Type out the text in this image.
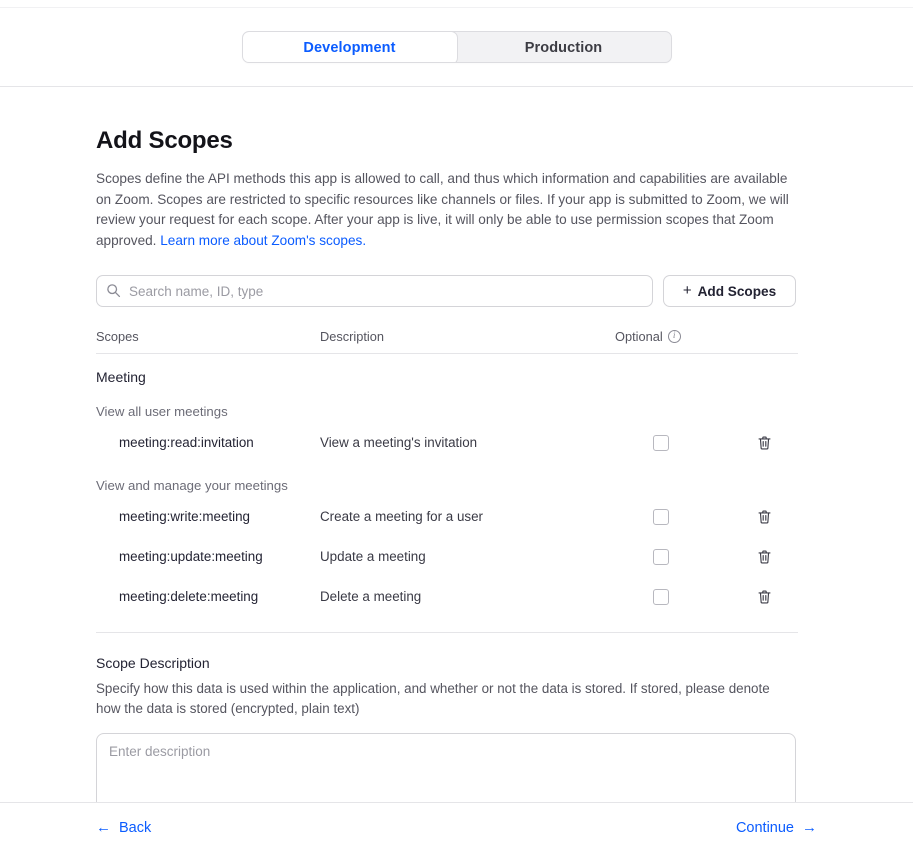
Development	Production
Add Scopes

Scopes define the API methods this app is allowed to call, and thus which information and capabilities are available on Zoom. Scopes are restricted to specific resources like channels or files. If your app is submitted to Zoom, we will review your request for each scope. After your app is live, it will only be able to use permission scopes that Zoom approved. Learn more about Zoom's scopes.

Search name, ID, type
+ Add Scopes
Scopes	Description	Optional	i
Meeting
View all user meetings
meeting:read:invitation	View a meeting's invitation
View and manage your meetings
meeting:write:meeting	Create a meeting for a user
meeting:update:meeting	Update a meeting
meeting:delete:meeting	Delete a meeting
Scope Description
Specify how this data is used within the application, and whether or not the data is stored. If stored, please denote how the data is stored (encrypted, plain text)
Enter description
← Back	Continue →
